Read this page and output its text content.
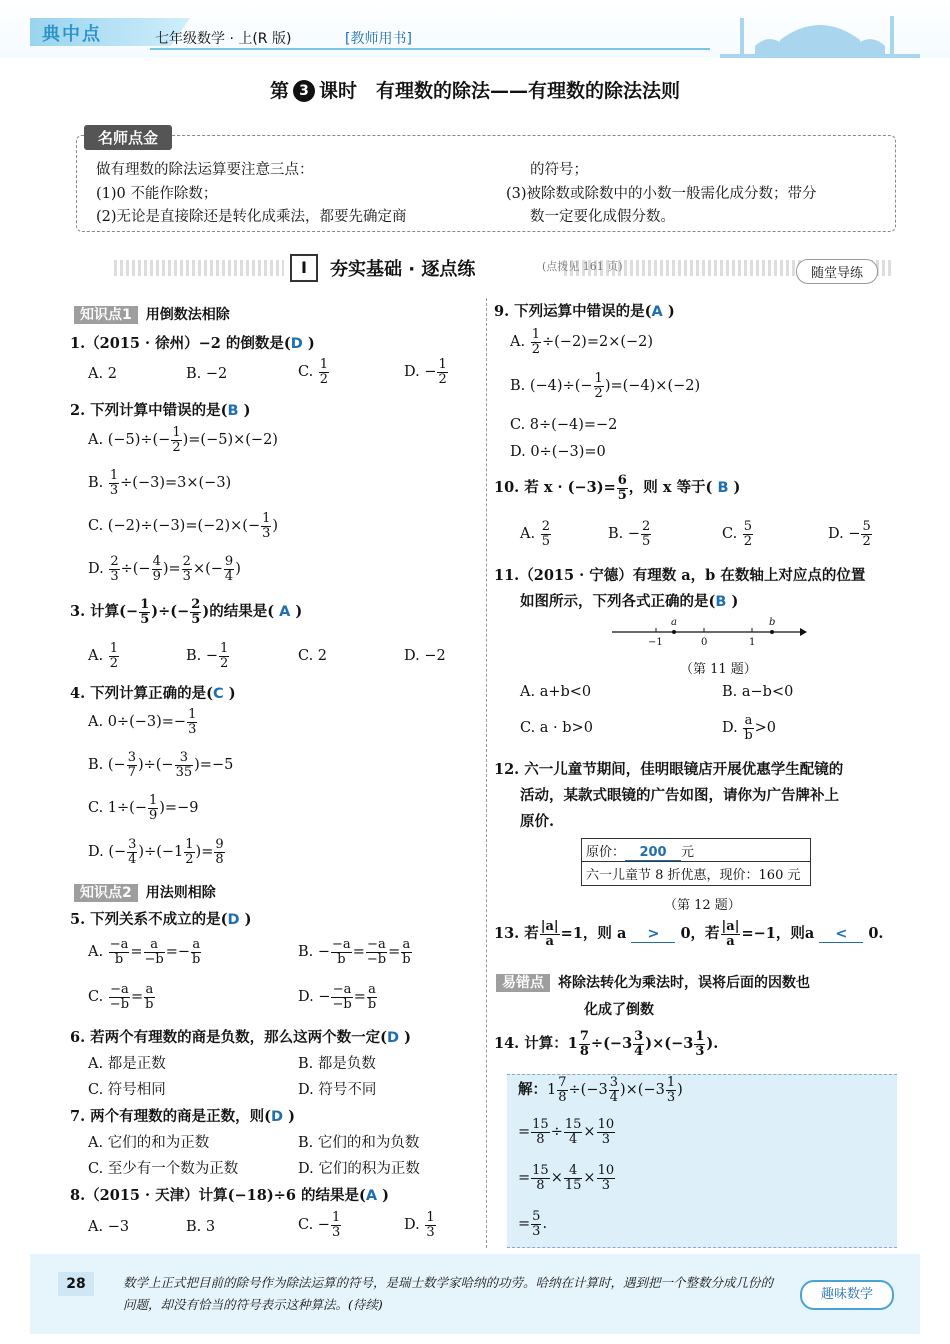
典中点	七年级数学 · 上(R 版)	[教师用书]
第 3 课时　有理数的除法——有理数的除法法则
名师点金
做有理数的除法运算要注意三点：
(1)0 不能作除数；
(2)无论是直接除还是转化成乘法，都要先确定商
的符号；
(3)被除数或除数中的小数一般需化成分数；带分
数一定要化成假分数。
I	夯实基础 · 逐点练	(点拨见 161 页)	随堂导练
知识点1 用倒数法相除
1.（2015 · 徐州）−2 的倒数是(D )
A. 2	B. −2	C. $\frac{1}{2}$	D. − $\frac{1}{2}$
2. 下列计算中错误的是(B )
A. $(-5)\div(- \frac{1}{2} )=(-5)\times(-2)$
B. $\frac{1}{3} \div(-3)=3\times(-3)$
C. $(-2)\div(-3)=(-2)\times(- \frac{1}{3}$ )
D. $\frac{2}{3}$ ÷(− $\frac{4}{9}$ )= $\frac{2}{3}$ ×(− $\frac{9}{4}$ )
3. 计算(− $\frac{1}{5}$ )÷(− $\frac{2}{5}$ )的结果是( A )
A. $\frac{1}{2}$	B. − $\frac{1}{2}$	C. 2	D. −2
4. 下列计算正确的是(C )
A. $0\div(-3)=- \frac{1}{3}$
B. (− $\frac{3}{7}$ )÷(− $\frac{3}{35} )=-5$
C. $1\div(- \frac{1}{9} )=-9$
D. (− $\frac{3}{4} )\div(-1 \frac{1}{2}$ )= $\frac{9}{8}$
知识点2 用法则相除
5. 下列关系不成立的是(D )
A. $\frac{-a}{b} = \frac{a}{-b} =- \frac{a}{b}$	B. − $\frac{-a}{b} = \frac{-a}{-b} = \frac{a}{b}$
C. $\frac{-a}{-b} = \frac{a}{b}$	D. − $\frac{-a}{-b} = \frac{a}{b}$
6. 若两个有理数的商是负数，那么这两个数一定(D )
A. 都是正数	B. 都是负数
C. 符号相同	D. 符号不同
7. 两个有理数的商是正数，则(D )
A. 它们的和为正数	B. 它们的和为负数
C. 至少有一个数为正数	D. 它们的积为正数
8.（2015 · 天津）计算(−18)÷6 的结果是(A )
A. −3	B. 3	C. − $\frac{1}{3}$	D. $\frac{1}{3}$
9. 下列运算中错误的是(A )
A. $\frac{1}{2} \div(-2)=2\times(-2)$
B. $(-4)\div(- \frac{1}{2} )=(-4)\times(-2)$
C. 8÷(−4)=−2
D. 0÷(−3)=0
10. 若 $x \cdot (-3)= \frac{6}{5}$ ，则 x 等于( B )
A. $\frac{2}{5}$	B. − $\frac{2}{5}$	C. $\frac{5}{2}$	D. − $\frac{5}{2}$
11.（2015 · 宁德）有理数 a，b 在数轴上对应点的位置
如图所示，下列各式正确的是(B )
−1	0	1
a	b
（第 11 题）
A. a+b<0	B. a−b<0
C. a · b>0	D. $\frac{a}{b} >0$
12. 六一儿童节期间，佳明眼镜店开展优惠学生配镜的
活动，某款式眼镜的广告如图，请你为广告牌补上
原价.
原价： 200 元
六一儿童节 8 折优惠，现价：160 元
（第 12 题）
13. 若 $\frac{|a|}{a} =1$，则 a > 0，若 $\frac{|a|}{a} =-1$，则a < 0.
易错点 将除法转化为乘法时，误将后面的因数也
化成了倒数
14. 计算：$1 \frac{7}{8} \div(-3 \frac{3}{4} )\times(-3 \frac{1}{3}$ ).
解：$1 \frac{7}{8} \div(-3 \frac{3}{4} )\times(-3 \frac{1}{3}$ )
= $\frac{15}{8} \div \frac{15}{4} \times \frac{10}{3}$
= $\frac{15}{8} \times \frac{4}{15} \times \frac{10}{3}$
= $\frac{5}{3}$ .
28	数学上正式把目前的除号作为除法运算的符号，是瑞士数学家哈纳的功劳。哈纳在计算时，遇到把一个整数分成几份的问题，却没有恰当的符号表示这种算法。(待续)
趣味数学
